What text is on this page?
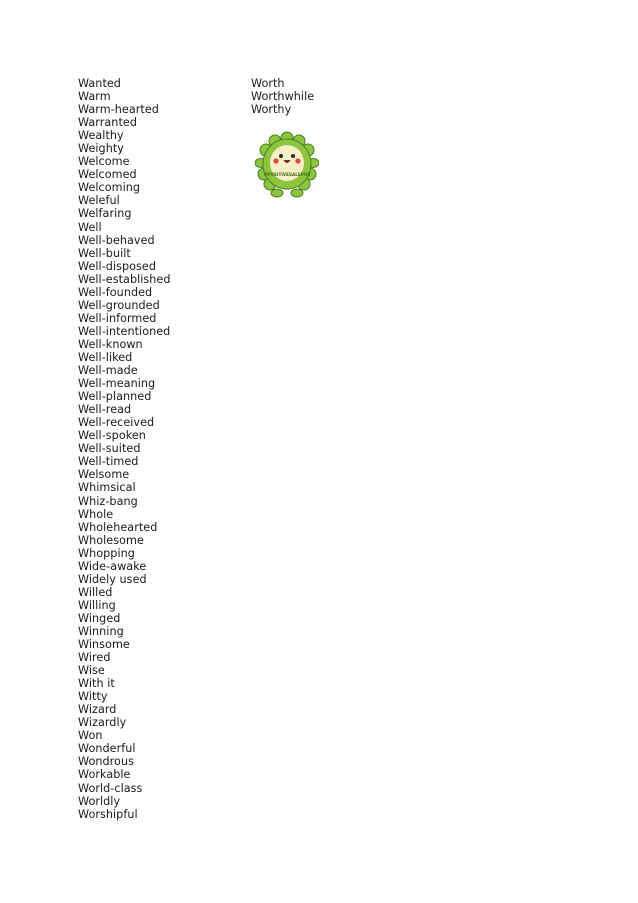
Wanted
Warm
Warm-hearted
Warranted
Wealthy
Weighty
Welcome
Welcomed
Welcoming
Weleful
Welfaring
Well
Well-behaved
Well-built
Well-disposed
Well-established
Well-founded
Well-grounded
Well-informed
Well-intentioned
Well-known
Well-liked
Well-made
Well-meaning
Well-planned
Well-read
Well-received
Well-spoken
Well-suited
Well-timed
Welsome
Whimsical
Whiz-bang
Whole
Wholehearted
Wholesome
Whopping
Wide-awake
Widely used
Willed
Willing
Winged
Winning
Winsome
Wired
Wise
With it
Witty
Wizard
Wizardly
Won
Wonderful
Wondrous
Workable
World-class
Worldly
Worshipful
Worth
Worthwhile
Worthy
#POSITIVESALEPUS
